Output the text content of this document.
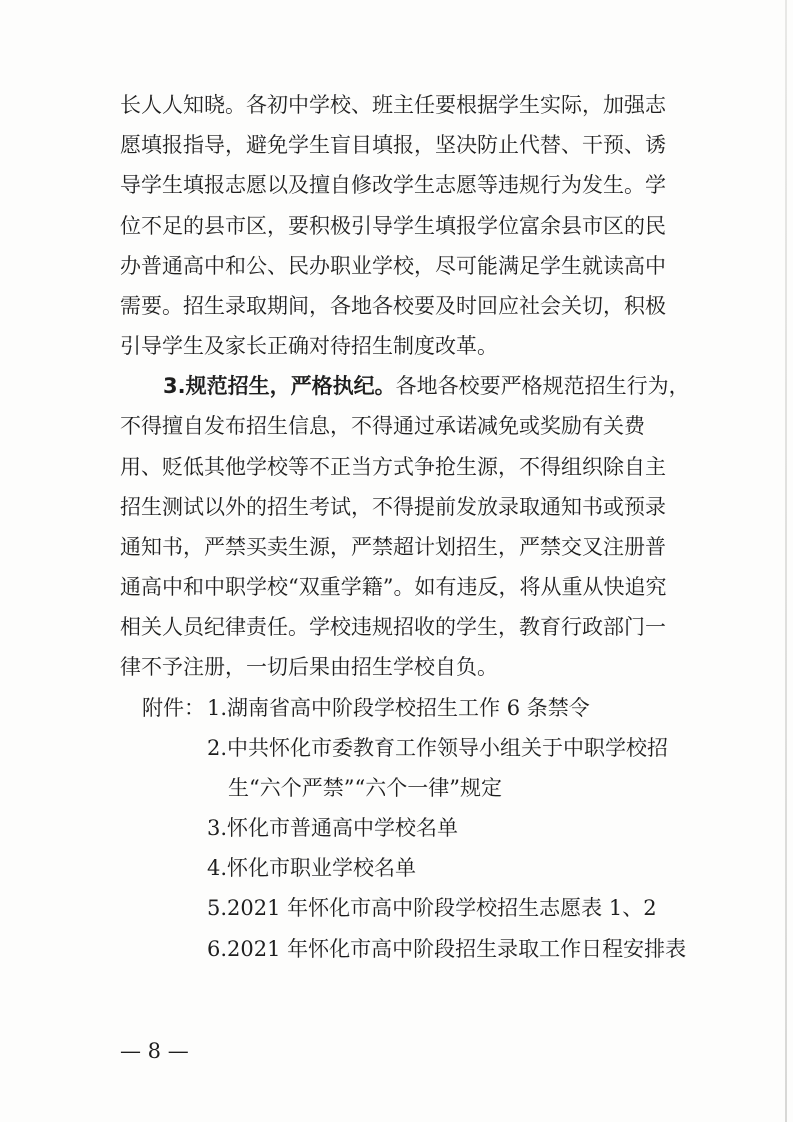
长人人知晓。各初中学校、班主任要根据学生实际，加强志
愿填报指导，避免学生盲目填报，坚决防止代替、干预、诱
导学生填报志愿以及擅自修改学生志愿等违规行为发生。学
位不足的县市区，要积极引导学生填报学位富余县市区的民
办普通高中和公、民办职业学校，尽可能满足学生就读高中
需要。招生录取期间，各地各校要及时回应社会关切，积极
引导学生及家长正确对待招生制度改革。
3.规范招生，严格执纪。各地各校要严格规范招生行为，
不得擅自发布招生信息，不得通过承诺减免或奖励有关费
用、贬低其他学校等不正当方式争抢生源，不得组织除自主
招生测试以外的招生考试，不得提前发放录取通知书或预录
通知书，严禁买卖生源，严禁超计划招生，严禁交叉注册普
通高中和中职学校“双重学籍”。如有违反，将从重从快追究
相关人员纪律责任。学校违规招收的学生，教育行政部门一
律不予注册，一切后果由招生学校自负。
附件： 1.湖南省高中阶段学校招生工作 6 条禁令
2.中共怀化市委教育工作领导小组关于中职学校招
生“六个严禁”“六个一律”规定
3.怀化市普通高中学校名单
4.怀化市职业学校名单
5.2021 年怀化市高中阶段学校招生志愿表 1、2
6.2021 年怀化市高中阶段招生录取工作日程安排表
— 8 —
